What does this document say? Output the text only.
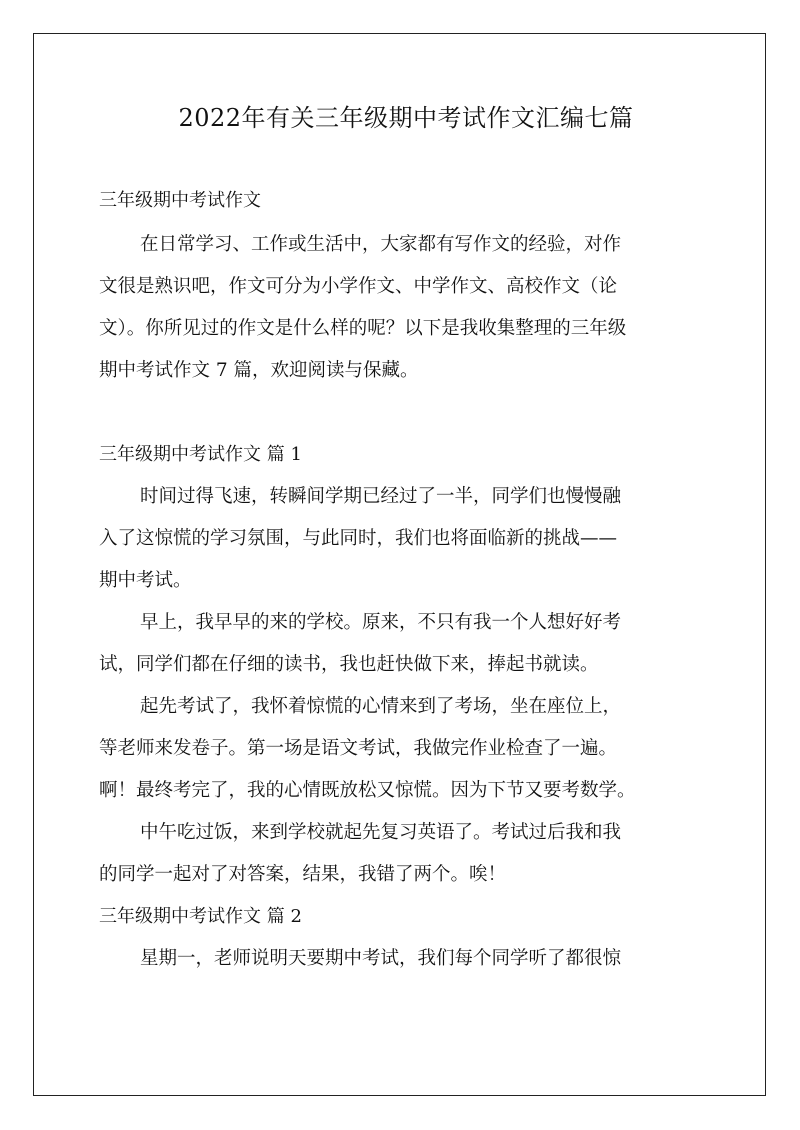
2022年有关三年级期中考试作文汇编七篇

三年级期中考试作文

在日常学习、工作或生活中，大家都有写作文的经验，对作

文很是熟识吧，作文可分为小学作文、中学作文、高校作文（论

文）。你所见过的作文是什么样的呢？以下是我收集整理的三年级

期中考试作文 7 篇，欢迎阅读与保藏。

三年级期中考试作文 篇 1

时间过得飞速，转瞬间学期已经过了一半，同学们也慢慢融

入了这惊慌的学习氛围，与此同时，我们也将面临新的挑战——

期中考试。

早上，我早早的来的学校。原来，不只有我一个人想好好考

试，同学们都在仔细的读书，我也赶快做下来，捧起书就读。

起先考试了，我怀着惊慌的心情来到了考场，坐在座位上，

等老师来发卷子。第一场是语文考试，我做完作业检查了一遍。

啊！最终考完了，我的心情既放松又惊慌。因为下节又要考数学。

中午吃过饭，来到学校就起先复习英语了。考试过后我和我

的同学一起对了对答案，结果，我错了两个。唉！

三年级期中考试作文 篇 2

星期一，老师说明天要期中考试，我们每个同学听了都很惊
